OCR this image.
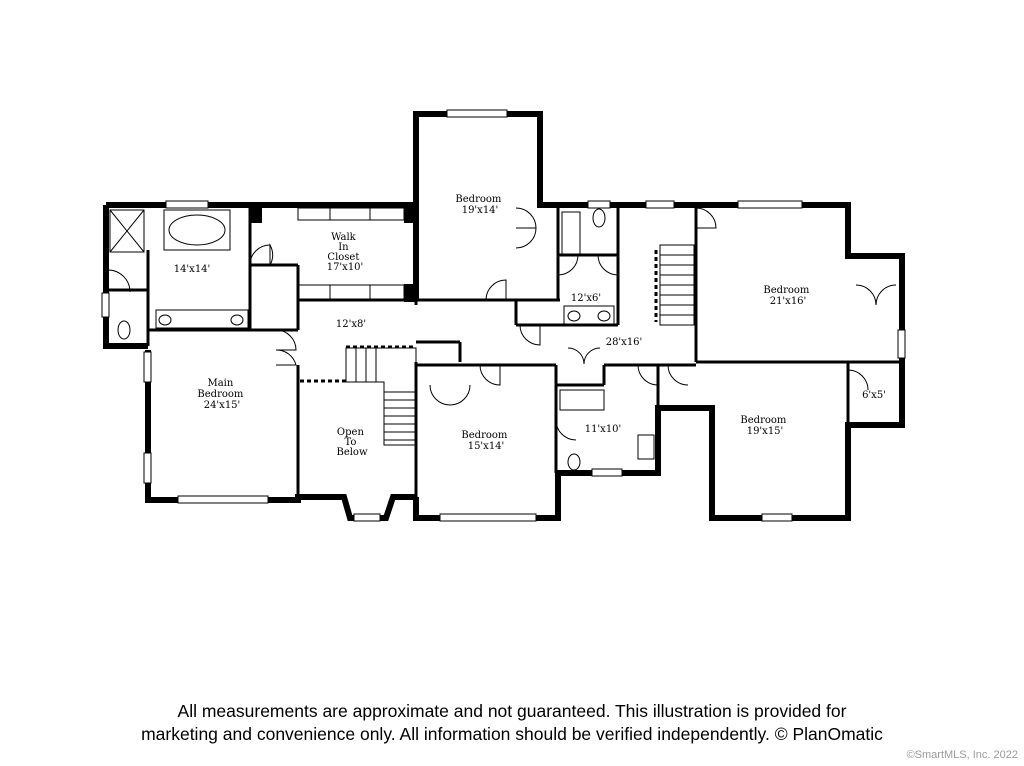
14'x14'
Walk In Closet 17'x10'
Bedroom 19'x14'
12'x6'
Bedroom 21'x16'
12'x8'
28'x16'
Main Bedroom 24'x15'
Open To Below
Bedroom 15'x14'
11'x10'
Bedroom 19'x15'
6'x5'
All measurements are approximate and not guaranteed. This illustration is provided for
marketing and convenience only. All information should be verified independently. © PlanOmatic
©SmartMLS, Inc. 2022
